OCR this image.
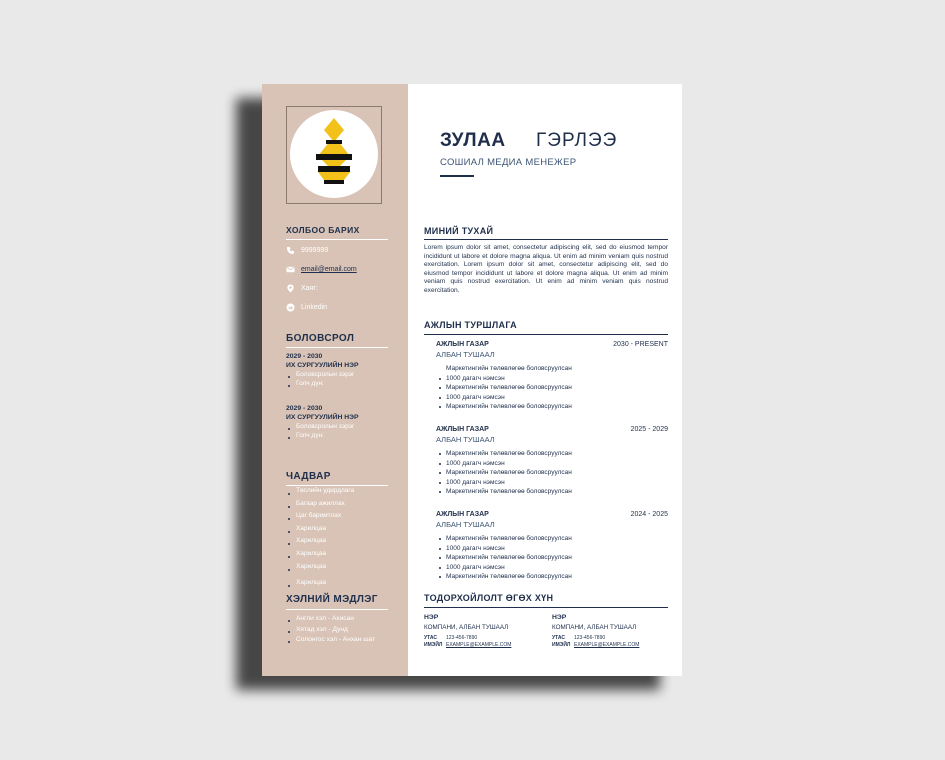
ХОЛБОО БАРИХ
9999999
email@email.com
Хаяг:
Linkedin
БОЛОВСРОЛ
2029 - 2030
ИХ СУРГУУЛИЙН НЭР
Боловсролын зэрэг
Голч дүн:
2029 - 2030
ИХ СУРГУУЛИЙН НЭР
Боловсролын зэрэг
Голч дүн:
ЧАДВАР
Төслийн удирдлага
Багаар ажиллах
Цаг баримтлах
Харилцаа
Харилцаа
Харилцаа
Харилцаа
Харилцаа
ХЭЛНИЙ МЭДЛЭГ
Англи хэл - Ахисан
Хятад хэл - Дунд
Солонгос хэл - Анхан шат
ЗУЛАА ГЭРЛЭЭ
СОШИАЛ МЕДИА МЕНЕЖЕР
МИНИЙ ТУХАЙ
Lorem ipsum dolor sit amet, consectetur adipiscing elit, sed do eiusmod tempor incididunt ut labore et dolore magna aliqua. Ut enim ad minim veniam quis nostrud exercitation. Lorem ipsum dolor sit amet, consectetur adipiscing elit, sed do eiusmod tempor incididunt ut labore et dolore magna aliqua. Ut enim ad minim veniam quis nostrud exercitation. Ut enim ad minim veniam quis nostrud exercitation.
АЖЛЫН ТУРШЛАГА
АЖЛЫН ГАЗАР	2030 - PRESENT
АЛБАН ТУШААЛ
Маркетингийн төлөвлөгөө боловсруулсан
1000 дагагч нэмсэн
Маркетингийн төлөвлөгөө боловсруулсан
1000 дагагч нэмсэн
Маркетингийн төлөвлөгөө боловсруулсан
АЖЛЫН ГАЗАР	2025 - 2029
АЛБАН ТУШААЛ
Маркетингийн төлөвлөгөө боловсруулсан
1000 дагагч нэмсэн
Маркетингийн төлөвлөгөө боловсруулсан
1000 дагагч нэмсэн
Маркетингийн төлөвлөгөө боловсруулсан
АЖЛЫН ГАЗАР	2024 - 2025
АЛБАН ТУШААЛ
Маркетингийн төлөвлөгөө боловсруулсан
1000 дагагч нэмсэн
Маркетингийн төлөвлөгөө боловсруулсан
1000 дагагч нэмсэн
Маркетингийн төлөвлөгөө боловсруулсан
ТОДОРХОЙЛОЛТ ӨГӨХ ХҮН
НЭР
КОМПАНИ, АЛБАН ТУШААЛ
УТАС	123-456-7890
ИМЭЙЛ EXAMPLE@EXAMPLE.COM
НЭР
КОМПАНИ, АЛБАН ТУШААЛ
УТАС	123-456-7890
ИМЭЙЛ EXAMPLE@EXAMPLE.COM
